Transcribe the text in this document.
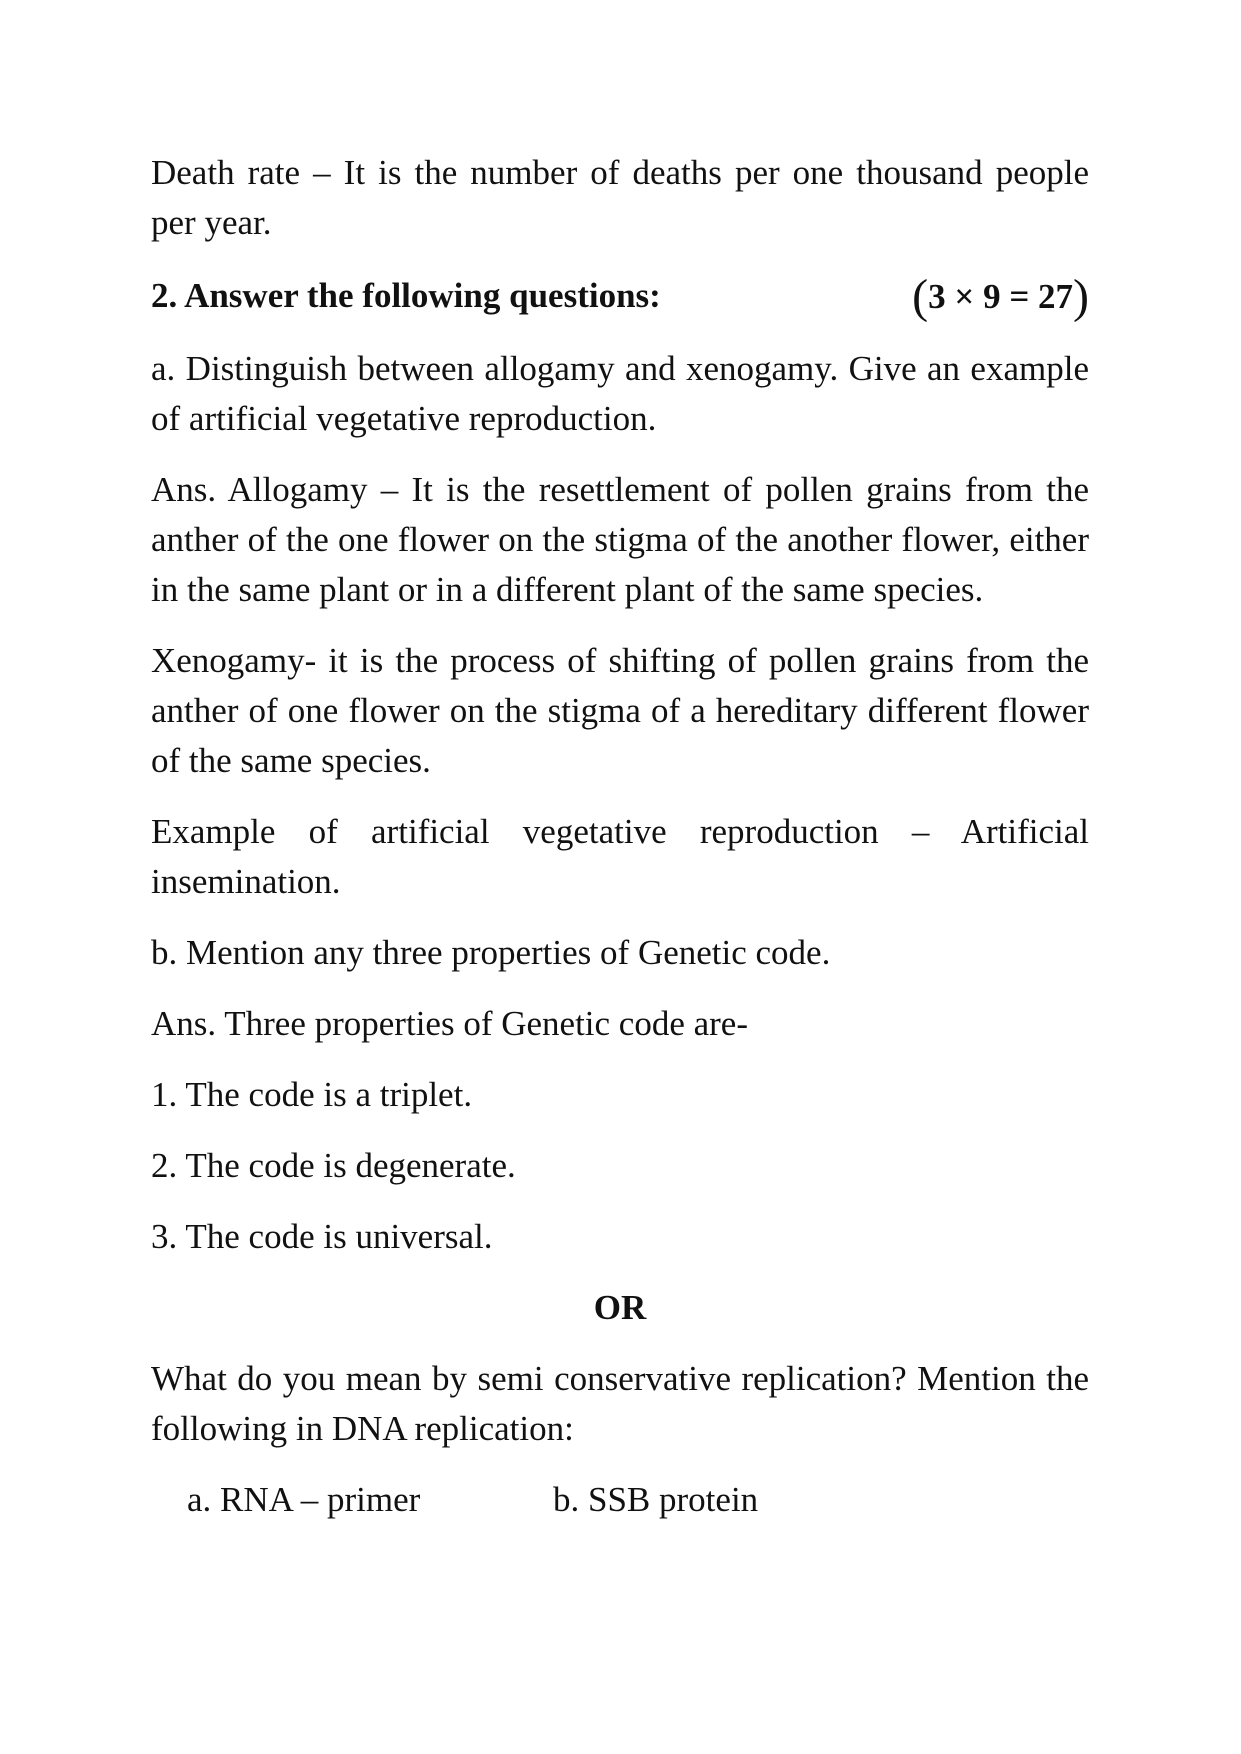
Death rate – It is the number of deaths per one thousand people per year.

2. Answer the following questions:	(3 × 9 = 27)

a. Distinguish between allogamy and xenogamy. Give an example of artificial vegetative reproduction.

Ans. Allogamy – It is the resettlement of pollen grains from the anther of the one flower on the stigma of the another flower, either in the same plant or in a different plant of the same species.

Xenogamy- it is the process of shifting of pollen grains from the anther of one flower on the stigma of a hereditary different flower of the same species.

Example of artificial vegetative reproduction – Artificial insemination.

b. Mention any three properties of Genetic code.

Ans. Three properties of Genetic code are-

1. The code is a triplet.

2. The code is degenerate.

3. The code is universal.

OR

What do you mean by semi conservative replication? Mention the following in DNA replication:

a. RNA – primer	b. SSB protein
